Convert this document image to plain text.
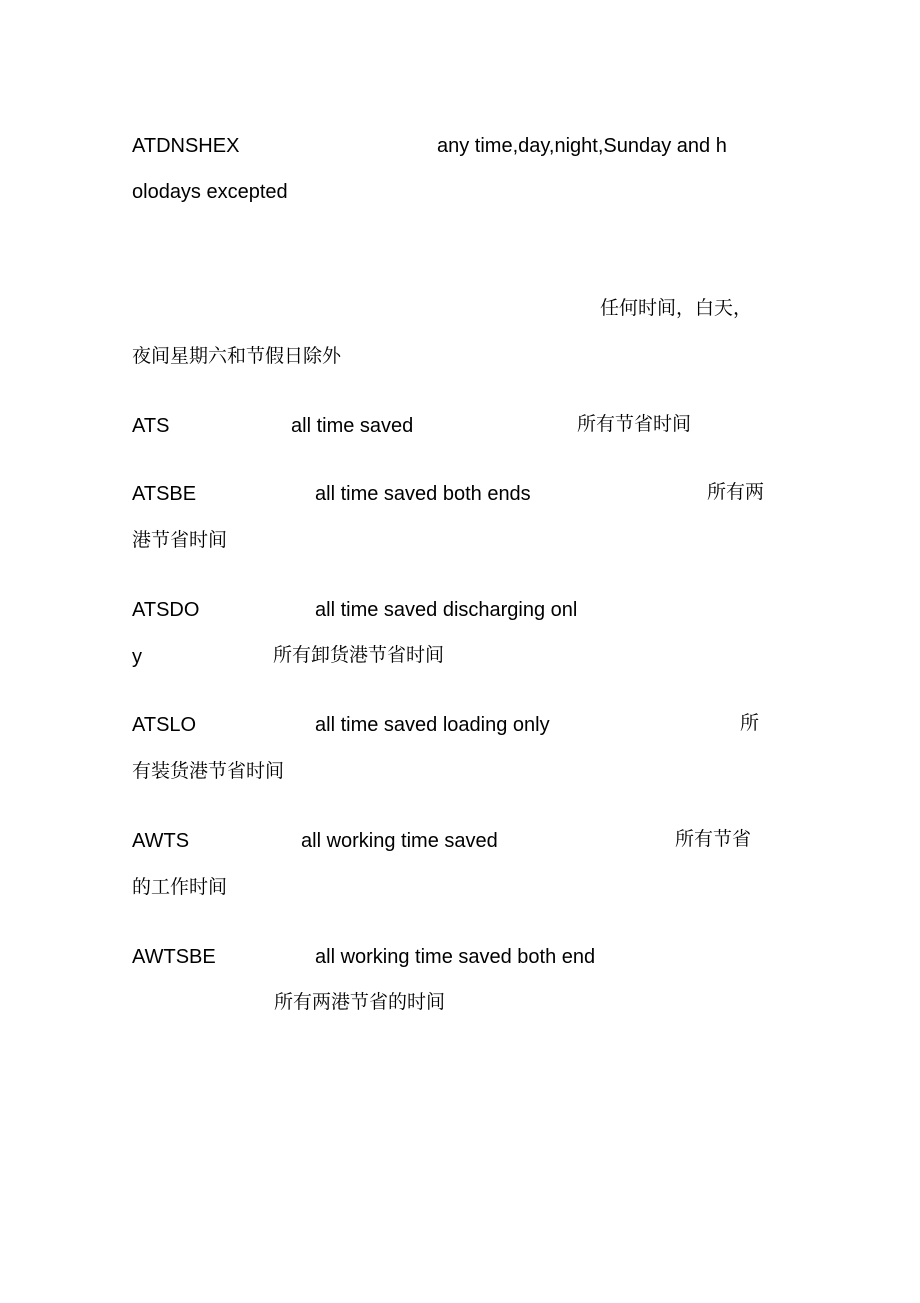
ATDNSHEX	any time,day,night,Sunday and h
olodays excepted
任何时间，白天，
夜间星期六和节假日除外
ATS	all time saved	所有节省时间
ATSBE	all time saved both ends	所有两
港节省时间
ATSDO	all time saved discharging onl
y	所有卸货港节省时间
ATSLO	all time saved loading only	所
有装货港节省时间
AWTS	all working time saved	所有节省
的工作时间
AWTSBE	all working time saved both end
所有两港节省的时间
